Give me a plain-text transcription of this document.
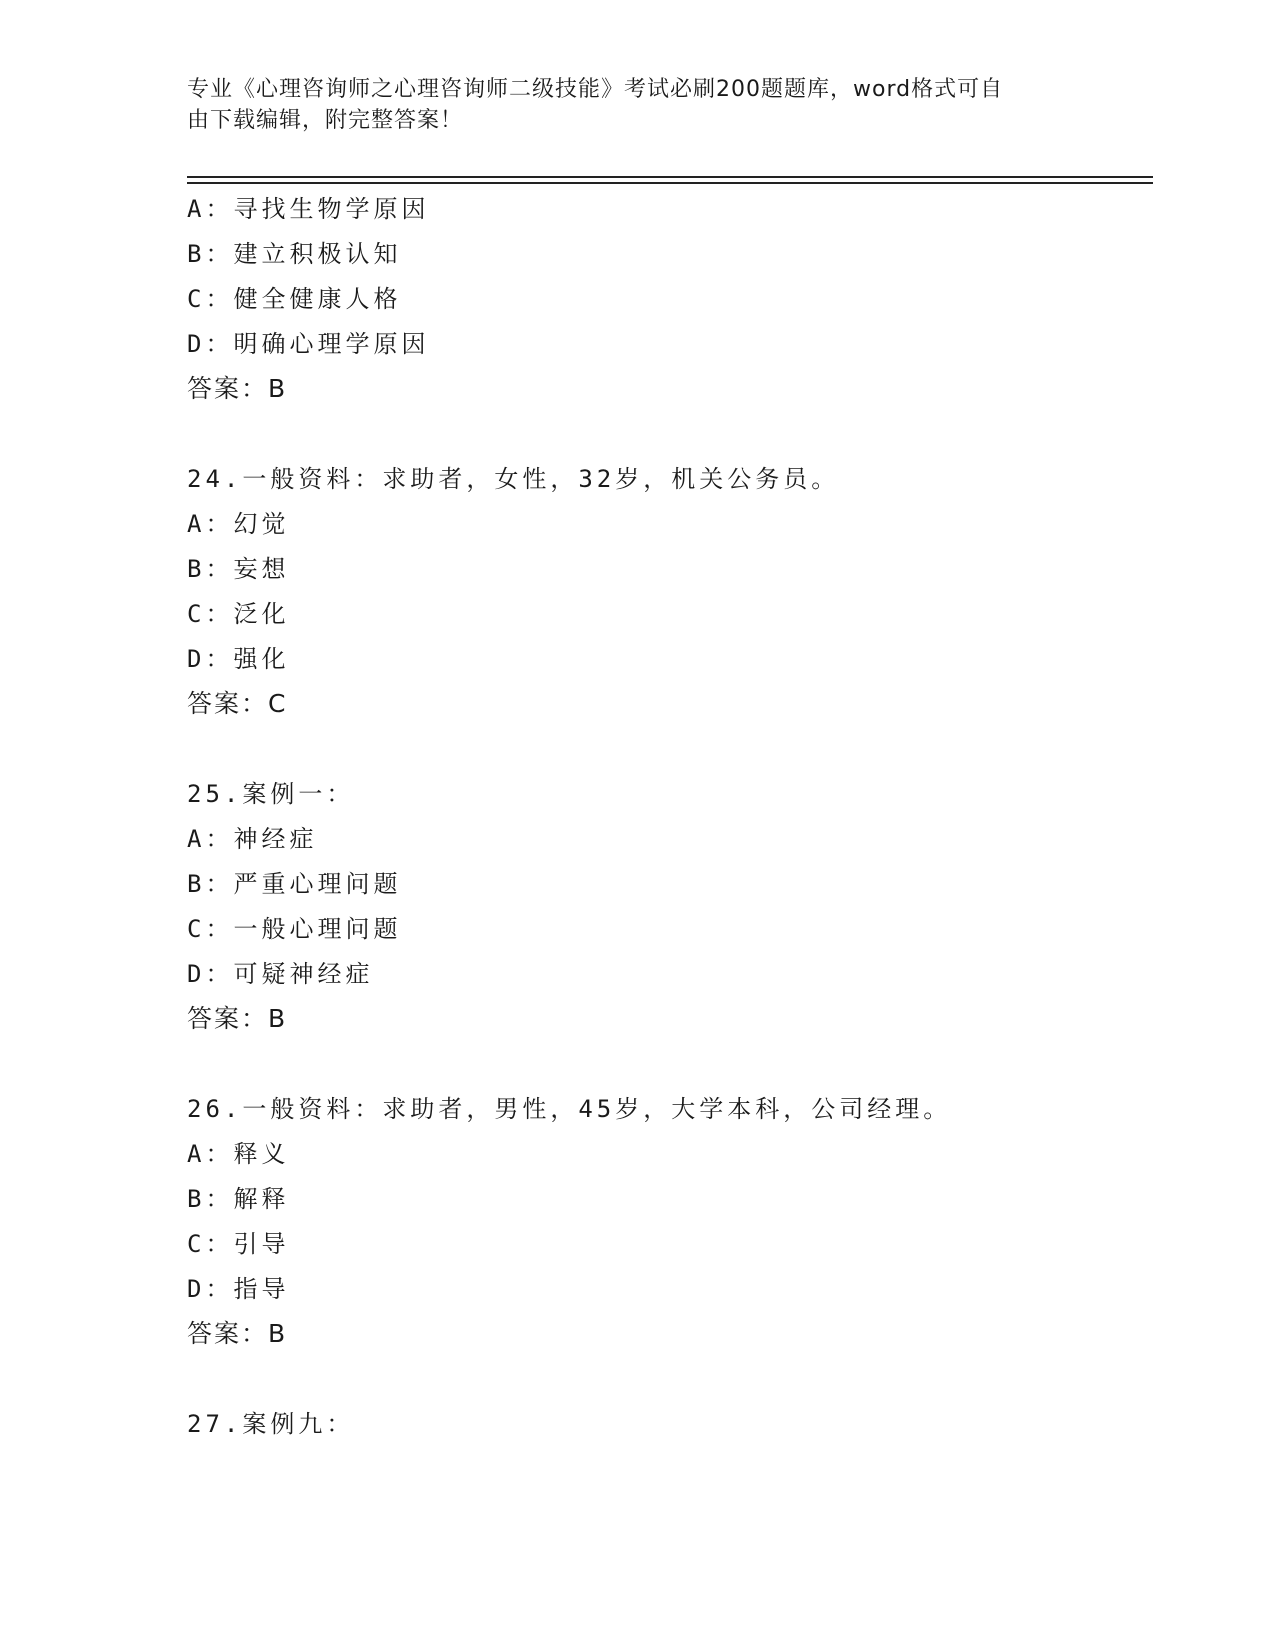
专业《心理咨询师之心理咨询师二级技能》考试必刷200题题库，word格式可自
由下载编辑，附完整答案！
A：寻找生物学原因
B：建立积极认知
C：健全健康人格
D：明确心理学原因
答案：B
24.一般资料：求助者，女性，32岁，机关公务员。
A：幻觉
B：妄想
C：泛化
D：强化
答案：C
25.案例一：
A：神经症
B：严重心理问题
C：一般心理问题
D：可疑神经症
答案：B
26.一般资料：求助者，男性，45岁，大学本科，公司经理。
A：释义
B：解释
C：引导
D：指导
答案：B
27.案例九：
